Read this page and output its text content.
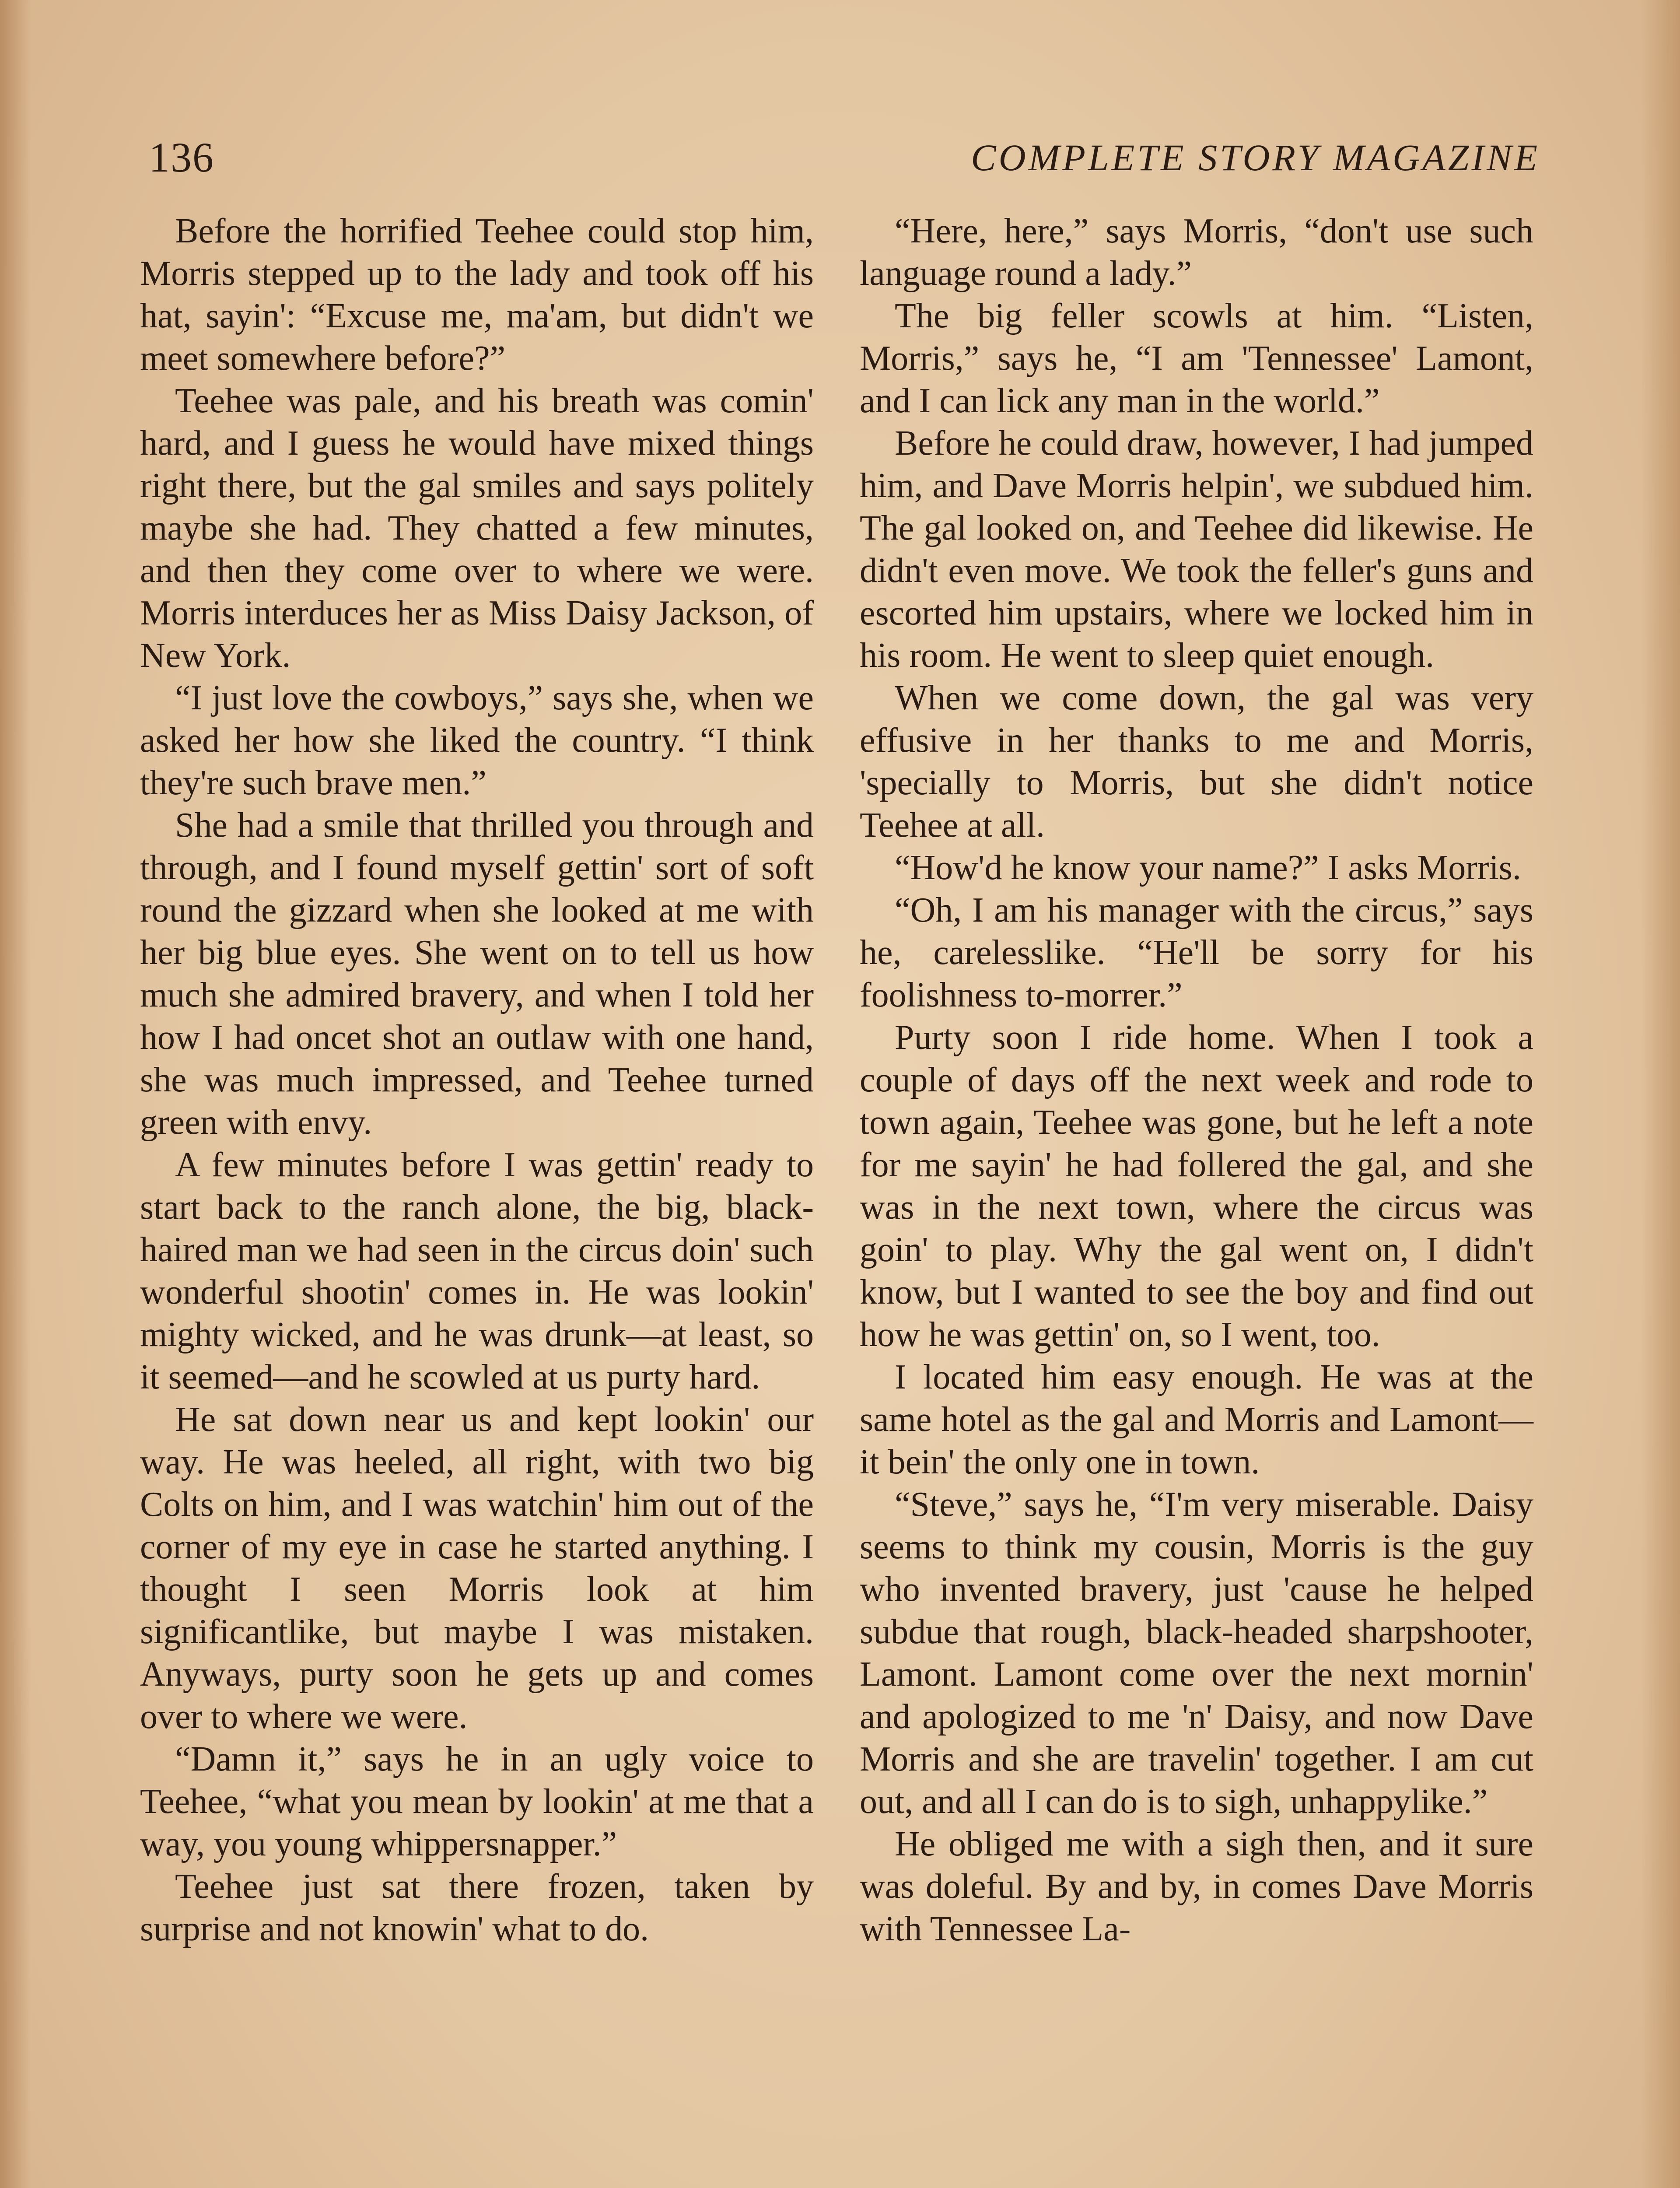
136	COMPLETE STORY MAGAZINE

Before the horrified Teehee could stop him, Morris stepped up to the lady and took off his hat, sayin': “Excuse me, ma'am, but didn't we meet somewhere before?”

Teehee was pale, and his breath was comin' hard, and I guess he would have mixed things right there, but the gal smiles and says politely maybe she had. They chatted a few minutes, and then they come over to where we were. Morris interduces her as Miss Daisy Jackson, of New York.

“I just love the cowboys,” says she, when we asked her how she liked the country. “I think they're such brave men.”

She had a smile that thrilled you through and through, and I found myself gettin' sort of soft round the gizzard when she looked at me with her big blue eyes. She went on to tell us how much she admired bravery, and when I told her how I had oncet shot an outlaw with one hand, she was much impressed, and Teehee turned green with envy.

A few minutes before I was gettin' ready to start back to the ranch alone, the big, black-haired man we had seen in the circus doin' such wonderful shootin' comes in. He was lookin' mighty wicked, and he was drunk—at least, so it seemed—and he scowled at us purty hard.

He sat down near us and kept lookin' our way. He was heeled, all right, with two big Colts on him, and I was watchin' him out of the corner of my eye in case he started anything. I thought I seen Morris look at him significantlike, but maybe I was mistaken. Anyways, purty soon he gets up and comes over to where we were.

“Damn it,” says he in an ugly voice to Teehee, “what you mean by lookin' at me that a way, you young whippersnapper.”

Teehee just sat there frozen, taken by surprise and not knowin' what to do.

“Here, here,” says Morris, “don't use such language round a lady.”

The big feller scowls at him. “Listen, Morris,” says he, “I am 'Tennessee' Lamont, and I can lick any man in the world.”

Before he could draw, however, I had jumped him, and Dave Morris helpin', we subdued him. The gal looked on, and Teehee did likewise. He didn't even move. We took the feller's guns and escorted him upstairs, where we locked him in his room. He went to sleep quiet enough.

When we come down, the gal was very effusive in her thanks to me and Morris, 'specially to Morris, but she didn't notice Teehee at all.

“How'd he know your name?” I asks Morris.

“Oh, I am his manager with the circus,” says he, carelesslike. “He'll be sorry for his foolishness to-morrer.”

Purty soon I ride home. When I took a couple of days off the next week and rode to town again, Teehee was gone, but he left a note for me sayin' he had follered the gal, and she was in the next town, where the circus was goin' to play. Why the gal went on, I didn't know, but I wanted to see the boy and find out how he was gettin' on, so I went, too.

I located him easy enough. He was at the same hotel as the gal and Morris and Lamont—it bein' the only one in town.

“Steve,” says he, “I'm very miserable. Daisy seems to think my cousin, Morris is the guy who invented bravery, just 'cause he helped subdue that rough, black-headed sharpshooter, Lamont. Lamont come over the next mornin' and apologized to me 'n' Daisy, and now Dave Morris and she are travelin' together. I am cut out, and all I can do is to sigh, unhappylike.”

He obliged me with a sigh then, and it sure was doleful. By and by, in comes Dave Morris with Tennessee La-
